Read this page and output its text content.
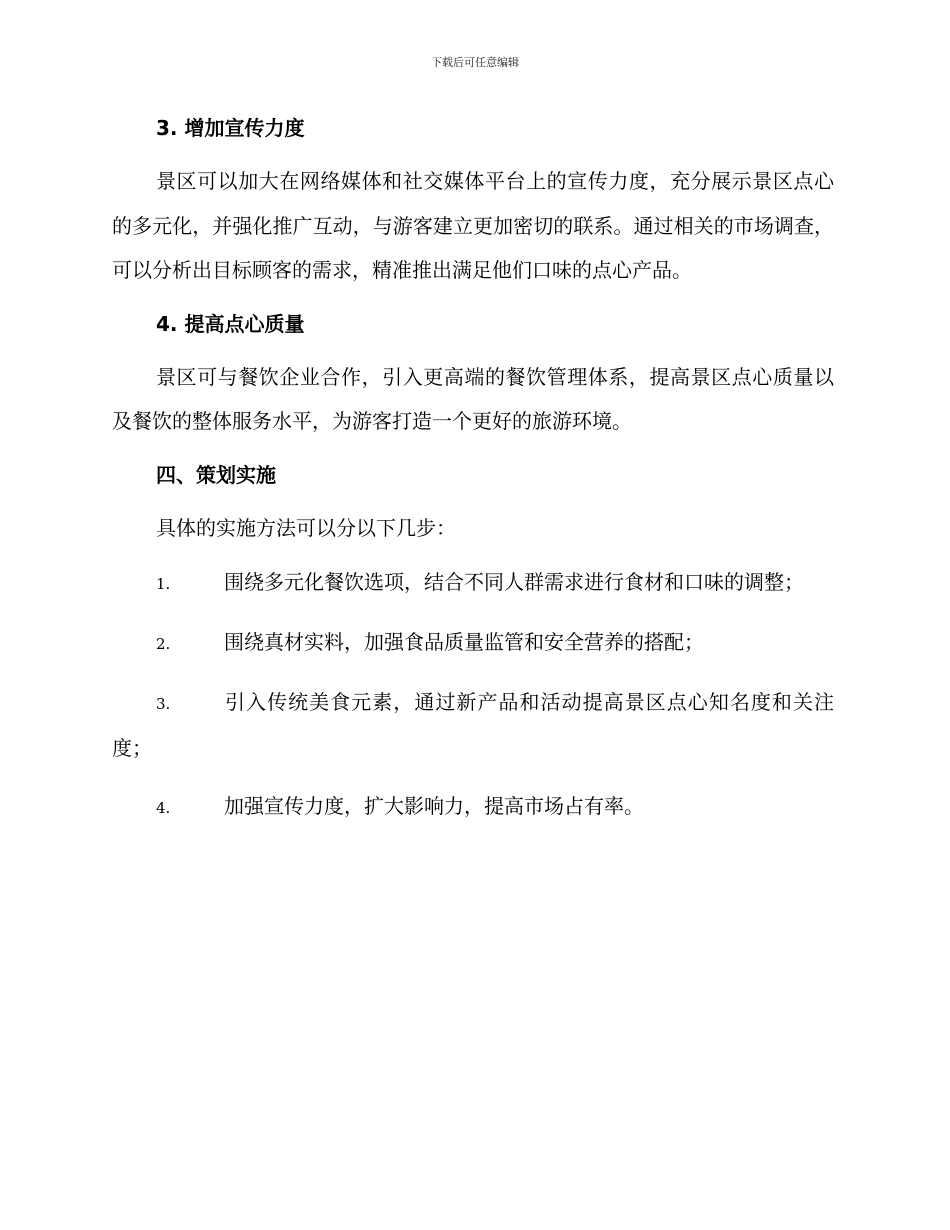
下载后可任意编辑
3. 增加宣传力度
景区可以加大在网络媒体和社交媒体平台上的宣传力度，充分展示景区点心的多元化，并强化推广互动，与游客建立更加密切的联系。通过相关的市场调查，可以分析出目标顾客的需求，精准推出满足他们口味的点心产品。
4. 提高点心质量
景区可与餐饮企业合作，引入更高端的餐饮管理体系，提高景区点心质量以及餐饮的整体服务水平，为游客打造一个更好的旅游环境。
四、策划实施
具体的实施方法可以分以下几步：
1.	围绕多元化餐饮选项，结合不同人群需求进行食材和口味的调整；
2.	围绕真材实料，加强食品质量监管和安全营养的搭配；
3.	引入传统美食元素，通过新产品和活动提高景区点心知名度和关注度；
4.	加强宣传力度，扩大影响力，提高市场占有率。
